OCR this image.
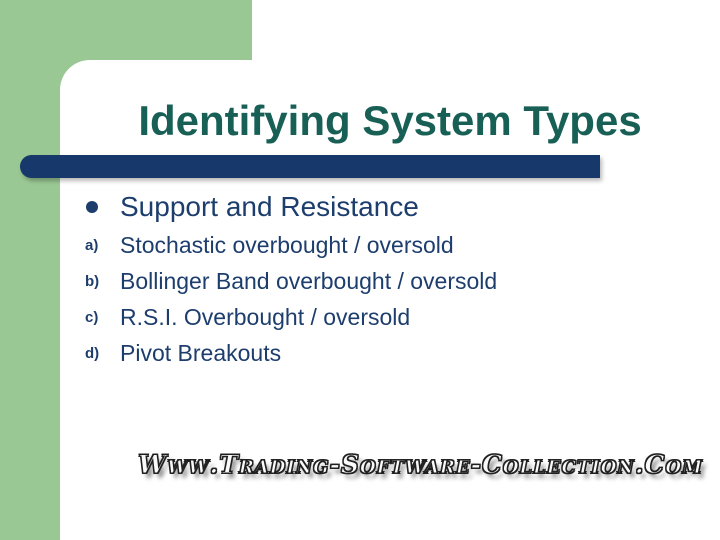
Identifying System Types
Support and Resistance
a) Stochastic overbought / oversold
b) Bollinger Band overbought / oversold
c) R.S.I. Overbought / oversold
d) Pivot Breakouts
Www.Trading-Software-Collection.Com
